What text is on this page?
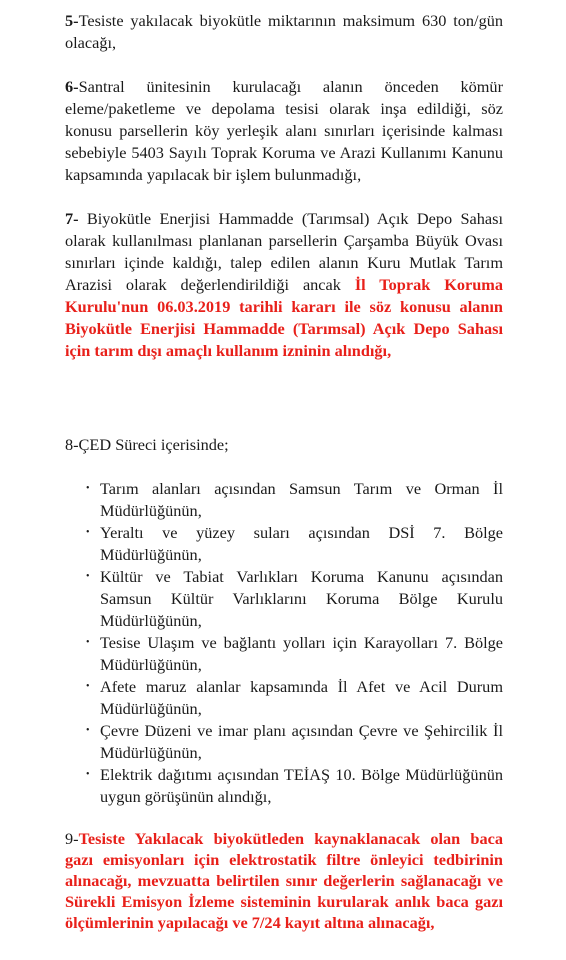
5-Tesiste yakılacak biyokütle miktarının maksimum 630 ton/gün olacağı,

6-Santral ünitesinin kurulacağı alanın önceden kömür eleme/paketleme ve depolama tesisi olarak inşa edildiği, söz konusu parsellerin köy yerleşik alanı sınırları içerisinde kalması sebebiyle 5403 Sayılı Toprak Koruma ve Arazi Kullanımı Kanunu kapsamında yapılacak bir işlem bulunmadığı,

7- Biyokütle Enerjisi Hammadde (Tarımsal) Açık Depo Sahası olarak kullanılması planlanan parsellerin Çarşamba Büyük Ovası sınırları içinde kaldığı, talep edilen alanın Kuru Mutlak Tarım Arazisi olarak değerlendirildiği ancak İl Toprak Koruma Kurulu'nun 06.03.2019 tarihli kararı ile söz konusu alanın Biyokütle Enerjisi Hammadde (Tarımsal) Açık Depo Sahası için tarım dışı amaçlı kullanım izninin alındığı,

8-ÇED Süreci içerisinde;

• Tarım alanları açısından Samsun Tarım ve Orman İl Müdürlüğünün,
• Yeraltı ve yüzey suları açısından DSİ 7. Bölge Müdürlüğünün,
• Kültür ve Tabiat Varlıkları Koruma Kanunu açısından Samsun Kültür Varlıklarını Koruma Bölge Kurulu Müdürlüğünün,
• Tesise Ulaşım ve bağlantı yolları için Karayolları 7. Bölge Müdürlüğünün,
• Afete maruz alanlar kapsamında İl Afet ve Acil Durum Müdürlüğünün,
• Çevre Düzeni ve imar planı açısından Çevre ve Şehircilik İl Müdürlüğünün,
• Elektrik dağıtımı açısından TEİAŞ 10. Bölge Müdürlüğünün uygun görüşünün alındığı,

9-Tesiste Yakılacak biyokütleden kaynaklanacak olan baca gazı emisyonları için elektrostatik filtre önleyici tedbirinin alınacağı, mevzuatta belirtilen sınır değerlerin sağlanacağı ve Sürekli Emisyon İzleme sisteminin kurularak anlık baca gazı ölçümlerinin yapılacağı ve 7/24 kayıt altına alınacağı,
